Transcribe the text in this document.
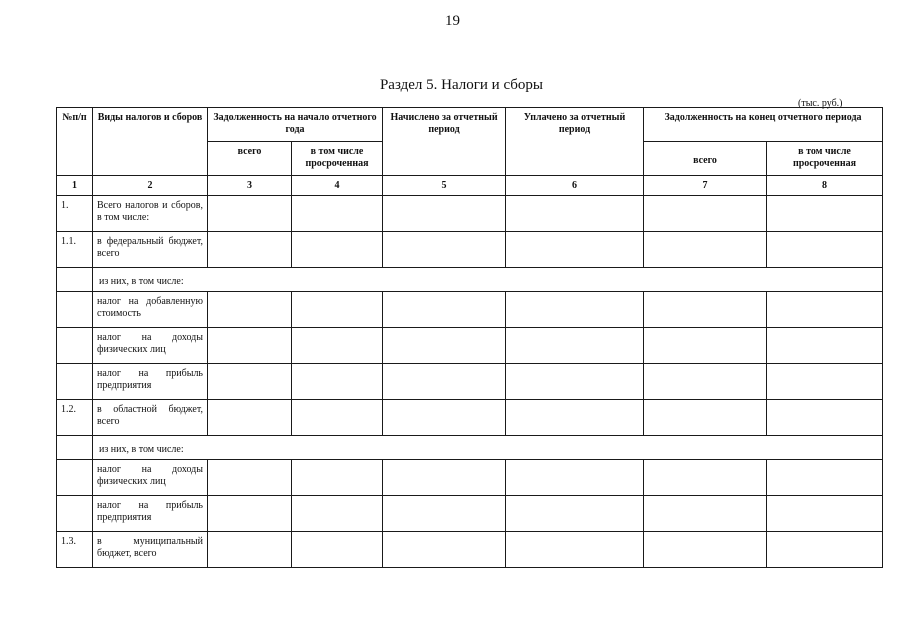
19
Раздел 5. Налоги и сборы
(тыс. руб.)
№п/п	Виды налогов и сборов	Задолженность на начало отчетного года		Начислено за отчетный период	Уплачено за отчетный период	Задолженность на конец отчетного периода	
		всего	в том числе просроченная			всего	в том числе просроченная
1	2	3	4	5	6	7	8
1.	Всего налогов и сборов, в том числе:						
1.1.	в федеральный бюджет, всего						
	из них, в том числе:						
	налог на добавленную стоимость						
	налог на доходы физических лиц						
	налог на прибыль предприятия						
1.2.	в областной бюджет, всего						
	из них, в том числе:						
	налог на доходы физических лиц						
	налог на прибыль предприятия						
1.3.	в муниципальный бюджет, всего						
